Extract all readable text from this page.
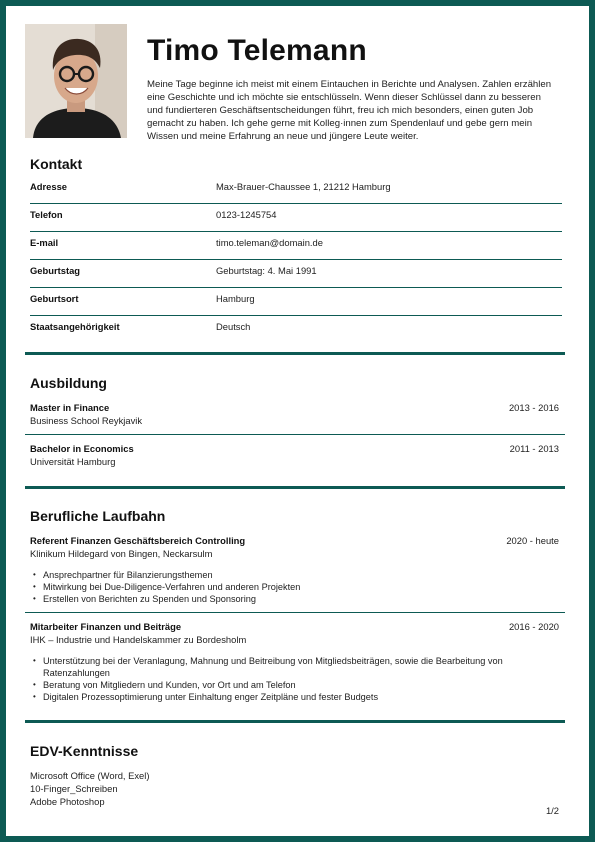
Timo Telemann

Meine Tage beginne ich meist mit einem Eintauchen in Berichte und Analysen. Zahlen erzählen eine Geschichte und ich möchte sie entschlüsseln. Wenn dieser Schlüssel dann zu besseren und fundierteren Geschäftsentscheidungen führt, freu ich mich besonders, einen guten Job gemacht zu haben. Ich gehe gerne mit Kolleg·innen zum Spendenlauf und gebe gern mein Wissen und meine Erfahrung an neue und jüngere Leute weiter.

Kontakt
Adresse	Max-Brauer-Chaussee 1, 21212 Hamburg
Telefon	0123-1245754
E-mail	timo.teleman@domain.de
Geburtstag	Geburtstag: 4. Mai 1991
Geburtsort	Hamburg
Staatsangehörigkeit	Deutsch
Ausbildung
Master in Finance	2013 - 2016
Business School Reykjavik
Bachelor in Economics	2011 - 2013
Universität Hamburg
Berufliche Laufbahn
Referent Finanzen Geschäftsbereich Controlling	2020 - heute
Klinikum Hildegard von Bingen, Neckarsulm
• Ansprechpartner für Bilanzierungsthemen
• Mitwirkung bei Due-Diligence-Verfahren und anderen Projekten
• Erstellen von Berichten zu Spenden und Sponsoring
Mitarbeiter Finanzen und Beiträge	2016 - 2020
IHK – Industrie und Handelskammer zu Bordesholm
• Unterstützung bei der Veranlagung, Mahnung und Beitreibung von Mitgliedsbeiträgen, sowie die Bearbeitung von Ratenzahlungen
• Beratung von Mitgliedern und Kunden, vor Ort und am Telefon
• Digitalen Prozessoptimierung unter Einhaltung enger Zeitpläne und fester Budgets
EDV-Kenntnisse
Microsoft Office (Word, Exel)
10-Finger_Schreiben
Adobe Photoshop
1/2
